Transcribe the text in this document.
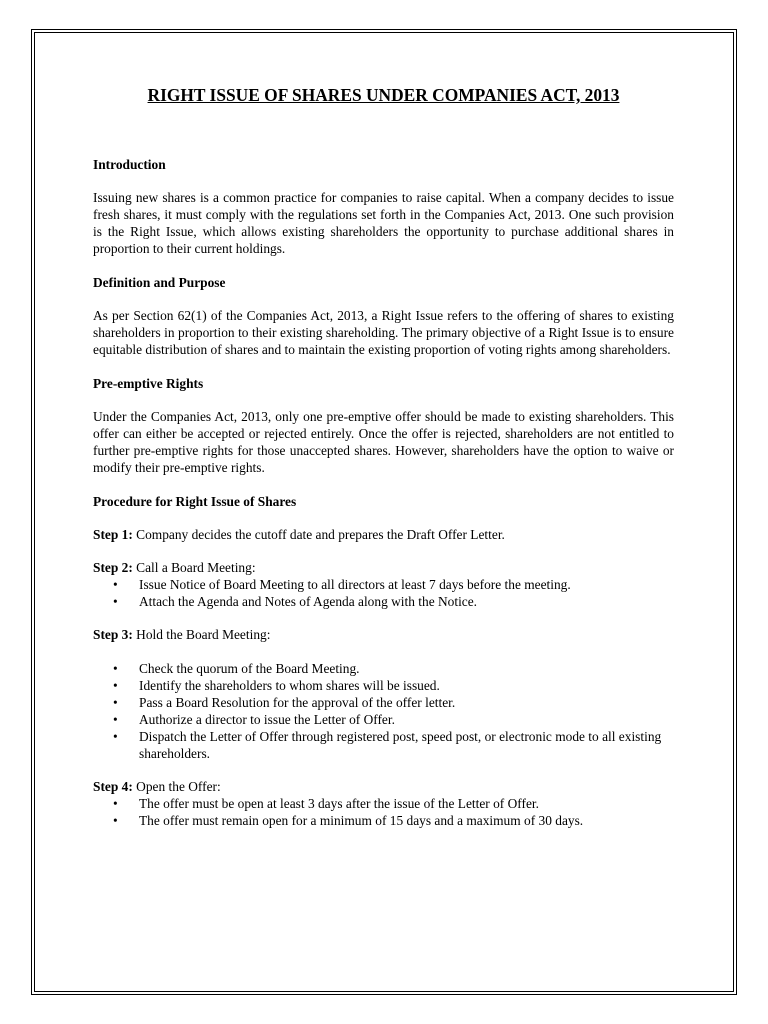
RIGHT ISSUE OF SHARES UNDER COMPANIES ACT, 2013

Introduction

Issuing new shares is a common practice for companies to raise capital. When a company decides to issue fresh shares, it must comply with the regulations set forth in the Companies Act, 2013. One such provision is the Right Issue, which allows existing shareholders the opportunity to purchase additional shares in proportion to their current holdings.

Definition and Purpose

As per Section 62(1) of the Companies Act, 2013, a Right Issue refers to the offering of shares to existing shareholders in proportion to their existing shareholding. The primary objective of a Right Issue is to ensure equitable distribution of shares and to maintain the existing proportion of voting rights among shareholders.

Pre-emptive Rights

Under the Companies Act, 2013, only one pre-emptive offer should be made to existing shareholders. This offer can either be accepted or rejected entirely. Once the offer is rejected, shareholders are not entitled to further pre-emptive rights for those unaccepted shares. However, shareholders have the option to waive or modify their pre-emptive rights.

Procedure for Right Issue of Shares

Step 1: Company decides the cutoff date and prepares the Draft Offer Letter.

Step 2: Call a Board Meeting:

• Issue Notice of Board Meeting to all directors at least 7 days before the meeting.
• Attach the Agenda and Notes of Agenda along with the Notice.

Step 3: Hold the Board Meeting:

• Check the quorum of the Board Meeting.
• Identify the shareholders to whom shares will be issued.
• Pass a Board Resolution for the approval of the offer letter.
• Authorize a director to issue the Letter of Offer.
• Dispatch the Letter of Offer through registered post, speed post, or electronic mode to all existing shareholders.

Step 4: Open the Offer:

• The offer must be open at least 3 days after the issue of the Letter of Offer.
• The offer must remain open for a minimum of 15 days and a maximum of 30 days.
